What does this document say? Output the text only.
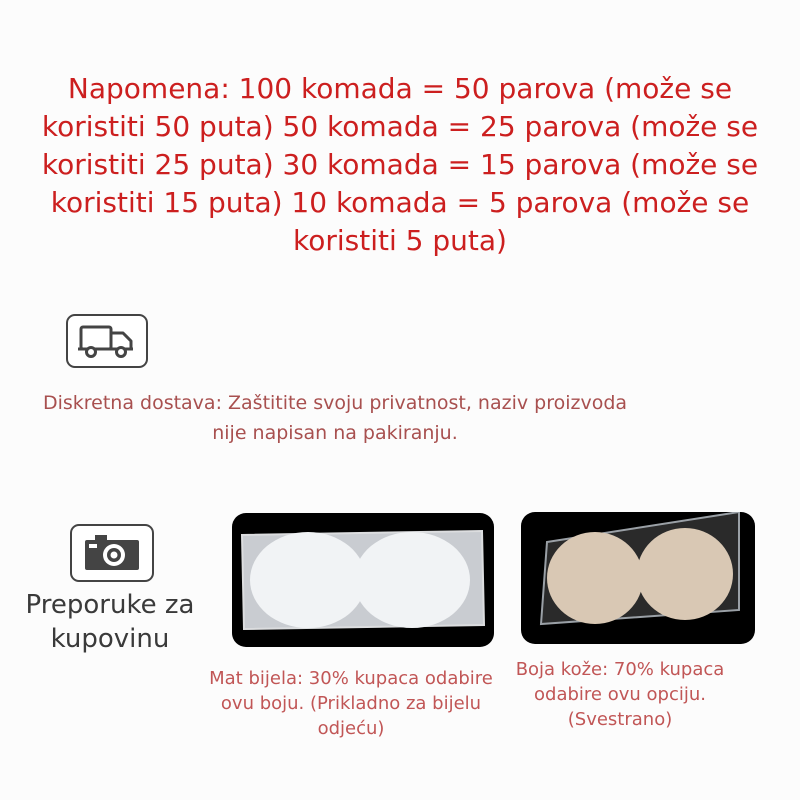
Napomena: 100 komada = 50 parova (može se koristiti 50 puta) 50 komada = 25 parova (može se koristiti 25 puta) 30 komada = 15 parova (može se koristiti 15 puta) 10 komada = 5 parova (može se koristiti 5 puta)

Diskretna dostava: Zaštitite svoju privatnost, naziv proizvoda nije napisan na pakiranju.

Preporuke za kupovinu

Mat bijela: 30% kupaca odabire ovu boju. (Prikladno za bijelu odjeću)

Boja kože: 70% kupaca odabire ovu opciju. (Svestrano)
